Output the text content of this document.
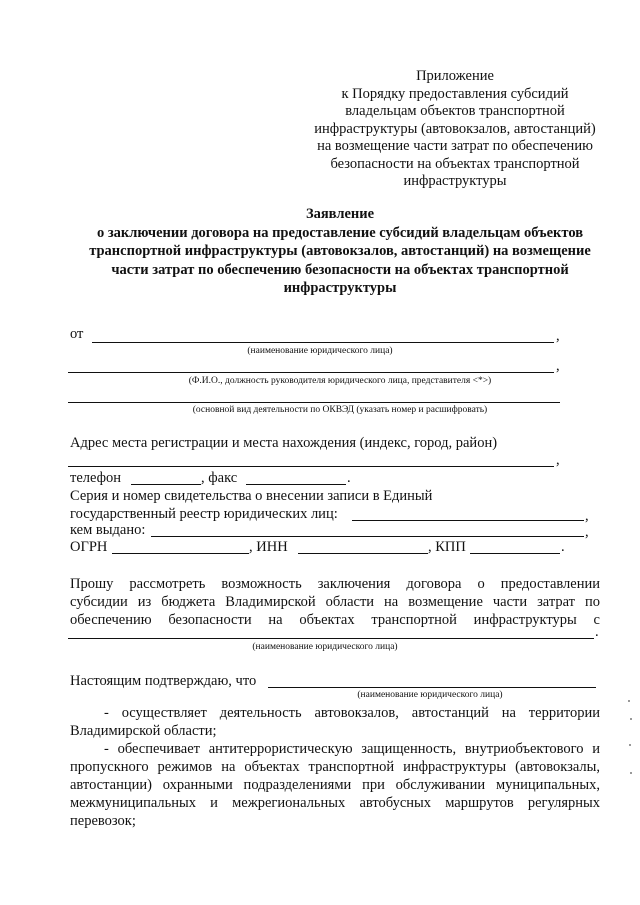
Приложение
к Порядку предоставления субсидий
владельцам объектов транспортной
инфраструктуры (автовокзалов, автостанций)
на возмещение части затрат по обеспечению
безопасности на объектах транспортной
инфраструктуры
Заявление
о заключении договора на предоставление субсидий владельцам объектов
транспортной инфраструктуры (автовокзалов, автостанций) на возмещение
части затрат по обеспечению безопасности на объектах транспортной
инфраструктуры
от	,
(наименование юридического лица)
,
(Ф.И.О., должность руководителя юридического лица, представителя <*>)
(основной вид деятельности по ОКВЭД (указать номер и расшифровать)
Адрес места регистрации и места нахождения (индекс, город, район)
,
телефон	, факс	.
Серия и номер свидетельства о внесении записи в Единый
государственный реестр юридических лиц:	,
кем выдано:	,
ОГРН	, ИНН	, КПП	.
Прошу рассмотреть возможность заключения договора о предоставлении
субсидии из бюджета Владимирской области на возмещение части затрат по
обеспечению безопасности на объектах транспортной инфраструктуры с
.
(наименование юридического лица)
Настоящим подтверждаю, что
(наименование юридического лица)
- осуществляет деятельность автовокзалов, автостанций на территории
Владимирской области;
- обеспечивает антитеррористическую защищенность, внутриобъектового и
пропускного режимов на объектах транспортной инфраструктуры (автовокзалы,
автостанции) охранными подразделениями при обслуживании муниципальных,
межмуниципальных и межрегиональных автобусных маршрутов регулярных
перевозок;
